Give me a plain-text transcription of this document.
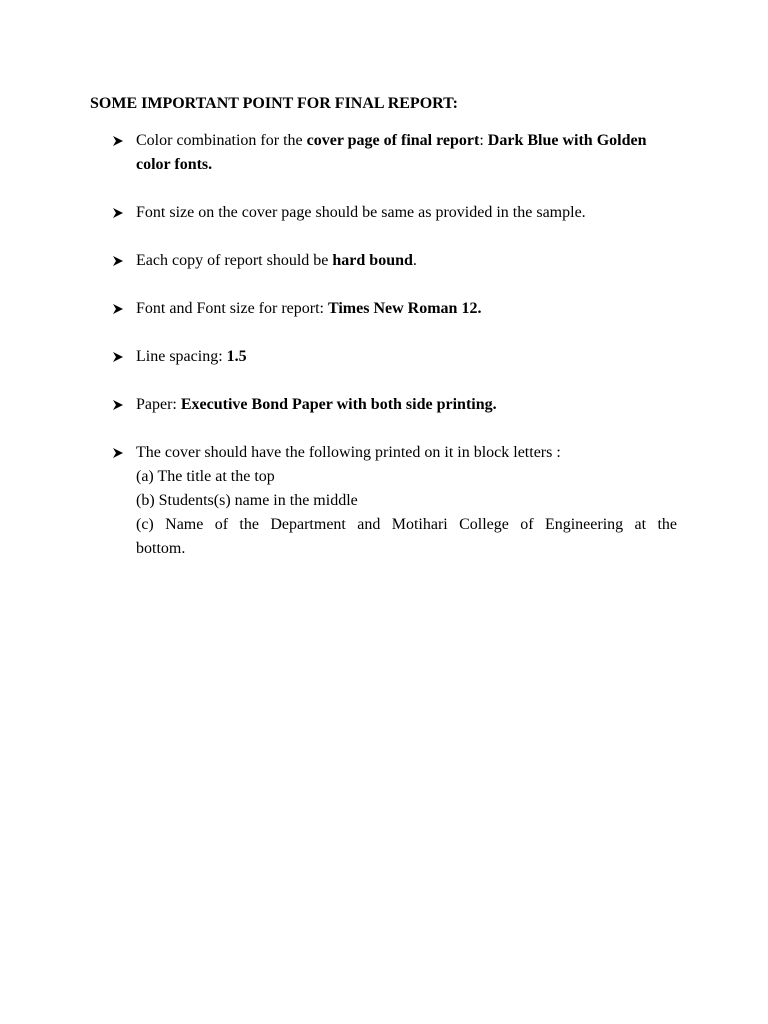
SOME IMPORTANT POINT FOR FINAL REPORT:
Color combination for the cover page of final report: Dark Blue with Golden color fonts.
Font size on the cover page should be same as provided in the sample.
Each copy of report should be hard bound.
Font and Font size for report: Times New Roman 12.
Line spacing: 1.5
Paper: Executive Bond Paper with both side printing.
The cover should have the following printed on it in block letters :
(a) The title at the top
(b) Students(s) name in the middle
(c) Name of the Department and Motihari College of Engineering at the
bottom.
